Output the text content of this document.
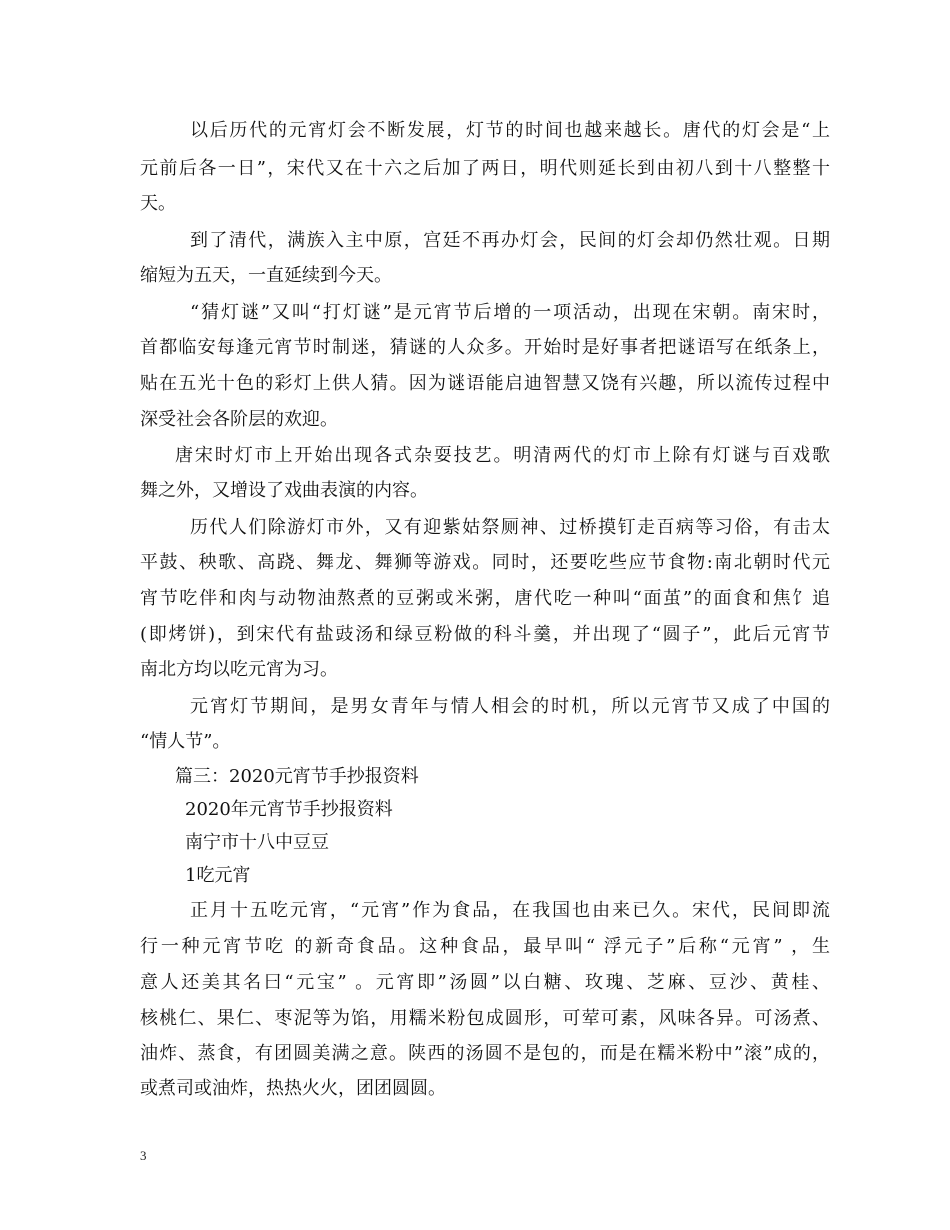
以后历代的元宵灯会不断发展，灯节的时间也越来越长。唐代的灯会是“上
元前后各一日”，宋代又在十六之后加了两日，明代则延长到由初八到十八整整十
天。
到了清代，满族入主中原，宫廷不再办灯会，民间的灯会却仍然壮观。日期
缩短为五天，一直延续到今天。
“猜灯谜”又叫“打灯谜”是元宵节后增的一项活动，出现在宋朝。南宋时，
首都临安每逢元宵节时制迷，猜谜的人众多。开始时是好事者把谜语写在纸条上，
贴在五光十色的彩灯上供人猜。因为谜语能启迪智慧又饶有兴趣，所以流传过程中
深受社会各阶层的欢迎。
唐宋时灯市上开始出现各式杂耍技艺。明清两代的灯市上除有灯谜与百戏歌
舞之外，又增设了戏曲表演的内容。
历代人们除游灯市外，又有迎紫姑祭厕神、过桥摸钉走百病等习俗，有击太
平鼓、秧歌、高跷、舞龙、舞狮等游戏。同时，还要吃些应节食物:南北朝时代元
宵节吃伴和肉与动物油熬煮的豆粥或米粥，唐代吃一种叫“面茧”的面食和焦饣追
(即烤饼)，到宋代有盐豉汤和绿豆粉做的科斗羹，并出现了“圆子”，此后元宵节
南北方均以吃元宵为习。
元宵灯节期间，是男女青年与情人相会的时机，所以元宵节又成了中国的
“情人节”。
篇三：2020元宵节手抄报资料
2020年元宵节手抄报资料
南宁市十八中豆豆
1吃元宵
正月十五吃元宵，“元宵”作为食品，在我国也由来已久。宋代，民间即流
行一种元宵节吃 的新奇食品。这种食品，最早叫“ 浮元子”后称“元宵” ，生
意人还美其名曰“元宝” 。元宵即”汤圆”以白糖、玫瑰、芝麻、豆沙、黄桂、
核桃仁、果仁、枣泥等为馅，用糯米粉包成圆形，可荤可素，风味各异。可汤煮、
油炸、蒸食，有团圆美满之意。陕西的汤圆不是包的，而是在糯米粉中”滚”成的，
或煮司或油炸，热热火火，团团圆圆。
3
